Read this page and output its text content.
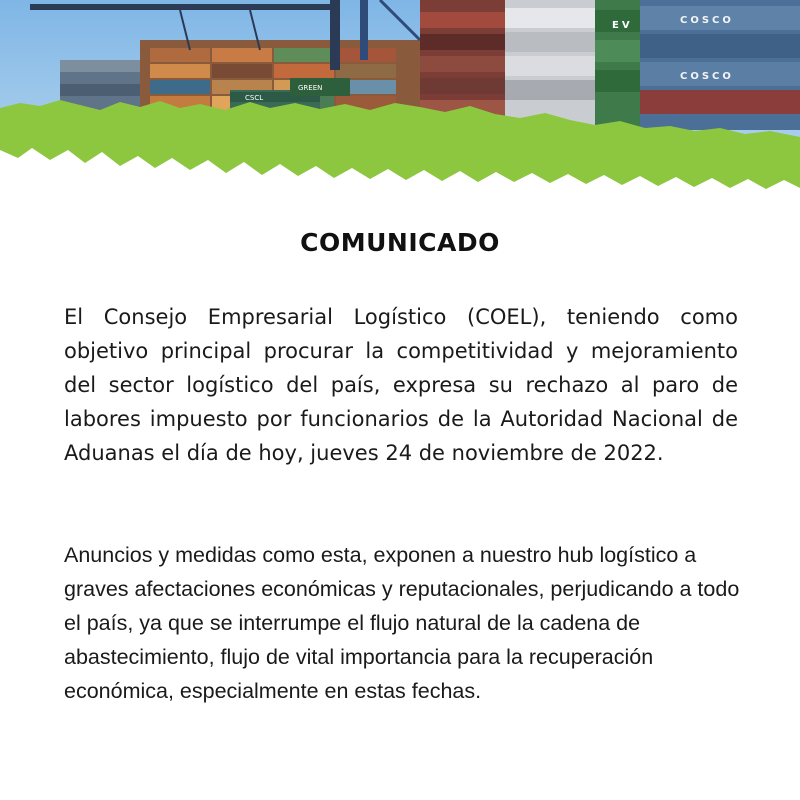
EV	COSCO
COSCO
CSCL
GREEN
COMUNICADO

El Consejo Empresarial Logístico (COEL), teniendo como objetivo principal procurar la competitividad y mejoramiento del sector logístico del país, expresa su rechazo al paro de labores impuesto por funcionarios de la Autoridad Nacional de Aduanas el día de hoy, jueves 24 de noviembre de 2022.

Anuncios y medidas como esta, exponen a nuestro hub logístico a graves afectaciones económicas y reputacionales, perjudicando a todo el país, ya que se interrumpe el flujo natural de la cadena de abastecimiento, flujo de vital importancia para la recuperación económica, especialmente en estas fechas.
